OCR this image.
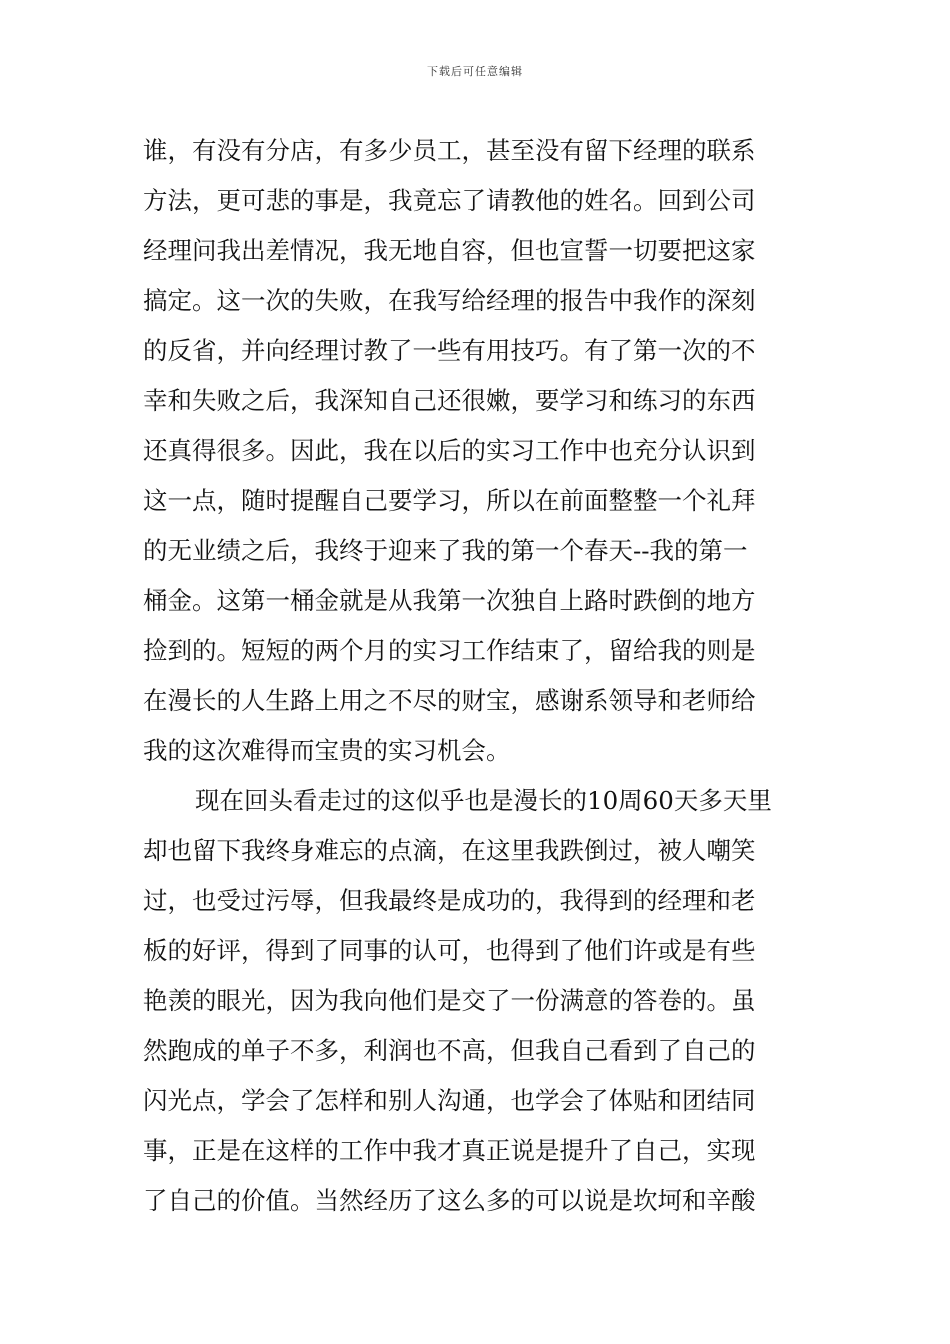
下载后可任意编辑
谁，有没有分店，有多少员工，甚至没有留下经理的联系
方法，更可悲的事是，我竟忘了请教他的姓名。回到公司
经理问我出差情况，我无地自容，但也宣誓一切要把这家
搞定。这一次的失败，在我写给经理的报告中我作的深刻
的反省，并向经理讨教了一些有用技巧。有了第一次的不
幸和失败之后，我深知自己还很嫩，要学习和练习的东西
还真得很多。因此，我在以后的实习工作中也充分认识到
这一点，随时提醒自己要学习，所以在前面整整一个礼拜
的无业绩之后，我终于迎来了我的第一个春天--我的第一
桶金。这第一桶金就是从我第一次独自上路时跌倒的地方
捡到的。短短的两个月的实习工作结束了，留给我的则是
在漫长的人生路上用之不尽的财宝，感谢系领导和老师给
我的这次难得而宝贵的实习机会。
现在回头看走过的这似乎也是漫长的10周60天多天里
却也留下我终身难忘的点滴，在这里我跌倒过，被人嘲笑
过，也受过污辱，但我最终是成功的，我得到的经理和老
板的好评，得到了同事的认可，也得到了他们许或是有些
艳羡的眼光，因为我向他们是交了一份满意的答卷的。虽
然跑成的单子不多，利润也不高，但我自己看到了自己的
闪光点，学会了怎样和别人沟通，也学会了体贴和团结同
事，正是在这样的工作中我才真正说是提升了自己，实现
了自己的价值。当然经历了这么多的可以说是坎坷和辛酸
